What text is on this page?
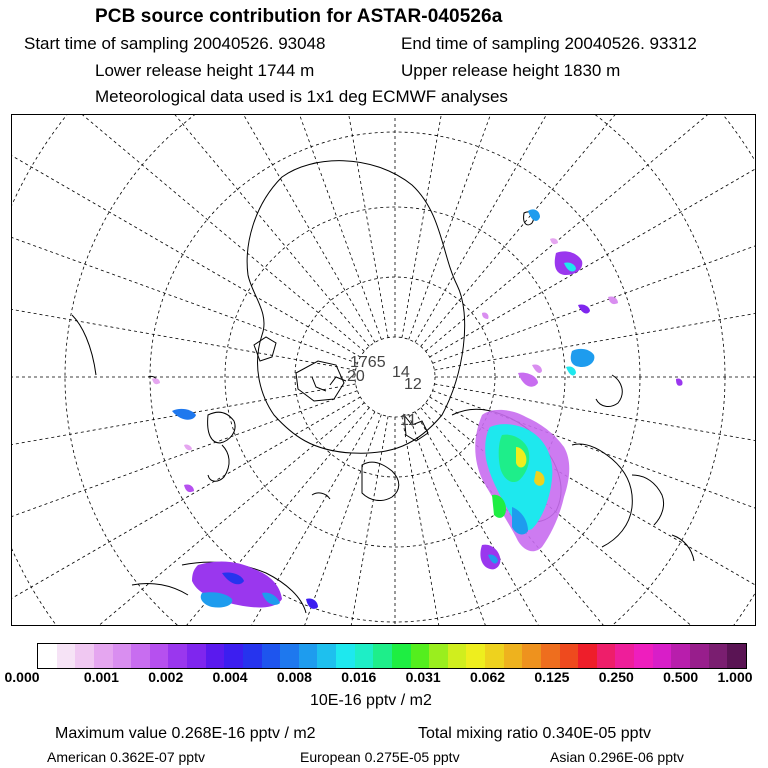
PCB source contribution for ASTAR-040526a
Start time of sampling 20040526. 93048	End time of sampling 20040526. 93312
Lower release height 1744 m	Upper release height 1830 m
Meteorological data used is 1x1 deg ECMWF analyses
1765
20 14
12
11
0.000	0.001 0.002 0.004 0.008 0.016 0.031 0.062 0.125 0.250 0.500 1.000
10E-16 pptv / m2
Maximum value 0.268E-16 pptv / m2	Total mixing ratio 0.340E-05 pptv
American 0.362E-07 pptv	European 0.275E-05 pptv	Asian 0.296E-06 pptv
